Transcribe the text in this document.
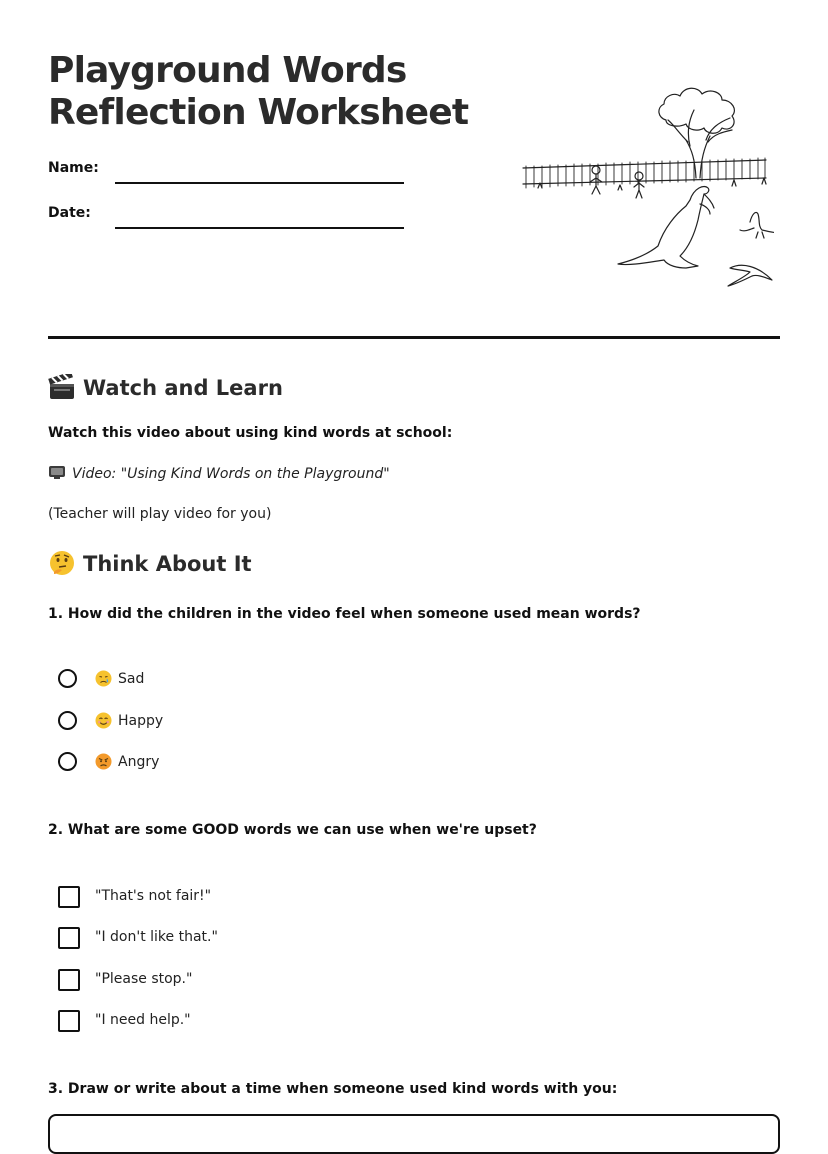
Playground Words
Reflection Worksheet
Name:
Date:
Watch and Learn
Watch this video about using kind words at school:
Video: "Using Kind Words on the Playground"
(Teacher will play video for you)
Think About It
1. How did the children in the video feel when someone used mean words?
Sad
Happy
Angry
2. What are some GOOD words we can use when we're upset?
"That's not fair!"
"I don't like that."
"Please stop."
"I need help."
3. Draw or write about a time when someone used kind words with you:
